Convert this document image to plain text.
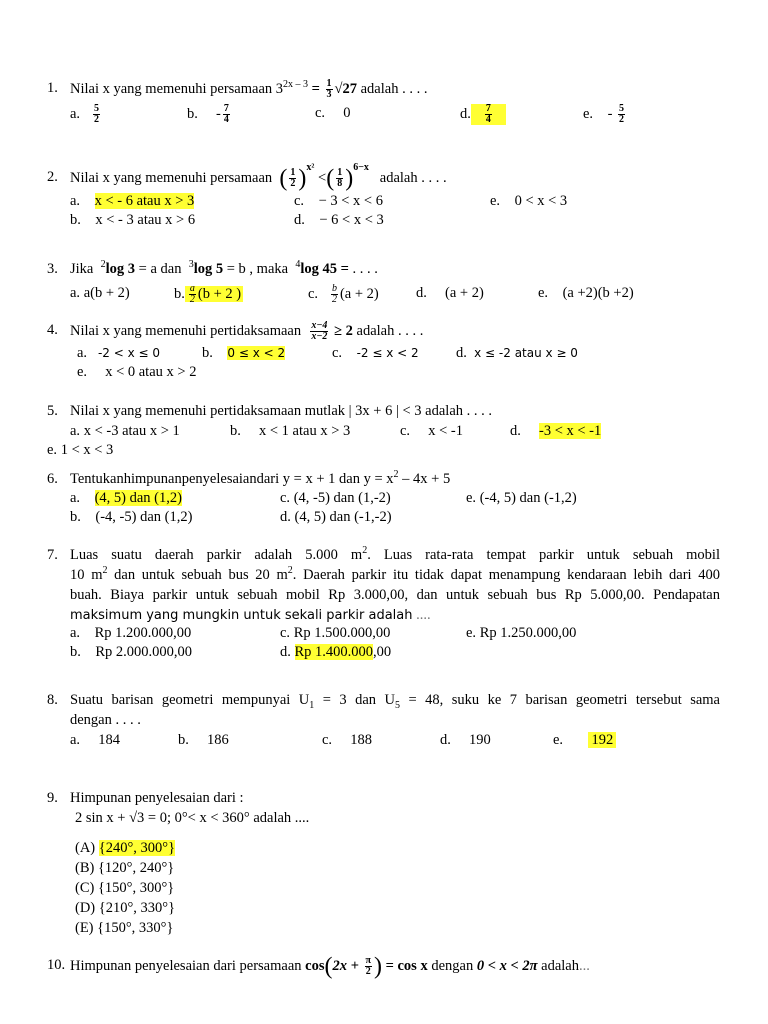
1. Nilai x yang memenuhi persamaan $3^{2x - 3} = \frac{1}{3} √27$ adalah . . . .
a. $\frac{5}{2}$	b. - $\frac{7}{4}$	c. 0	d. $\frac{7}{4}$	e. - $\frac{5}{2}$
2. Nilai x yang memenuhi persamaan ( $\frac{1}{2} )^{x^2}$ <( $\frac{1}{8} )^{6-x}$   adalah . . . .
a. x < - 6 atau x > 3	c. − 3 < x < 6	e. 0 < x < 3
b. x < - 3 atau x > 6	d. − 6 < x < 3
3. Jika $^2$log 3 = a dan $^3$log 5 = b , maka $^4$log 45 = . . . .
a. a(b + 2)	b. $\frac{a}{2} (b + 2$ )	c. $\frac{b}{2} (a + 2)$	d. (a + 2)	e. (a +2)(b +2)
4. Nilai x yang memenuhi pertidaksamaan $\frac{x-4}{x-2} \ge 2$ adalah . . . .
a. -2 < x ≤ 0	b. 0 ≤ x < 2	c. -2 ≤ x < 2	d. x ≤ -2 atau x ≥ 0
e. x < 0 atau x > 2
5. Nilai x yang memenuhi pertidaksamaan mutlak | 3x + 6 | < 3 adalah . . . .
a. x < -3 atau x > 1	b. x < 1 atau x > 3	c. x < -1	d. -3 < x < -1
e. 1 < x < 3
6. Tentukanhimpunanpenyelesaiandari y = x + 1 dan $y = x^2 - 4x + 5$
a. (4, 5) dan (1,2)	c. (4, -5) dan (1,-2)	e. (-4, 5) dan (-1,2)
b. (-4, -5) dan (1,2)	d. (4, 5) dan (-1,-2)
7. Luas suatu daerah parkir adalah 5.000 $m^2$. Luas rata-rata tempat parkir untuk sebuah mobil
10 $m^2$ dan untuk sebuah bus 20 $m^2$. Daerah parkir itu tidak dapat menampung kendaraan lebih dari 400
buah. Biaya parkir untuk sebuah mobil Rp 3.000,00, dan untuk sebuah bus Rp 5.000,00. Pendapatan
maksimum yang mungkin untuk sekali parkir adalah ....
a. Rp 1.200.000,00	c. Rp 1.500.000,00	e. Rp 1.250.000,00
b. Rp 2.000.000,00	d. Rp 1.400.000,00
8. Suatu barisan geometri mempunyai $U_1 = 3$ dan $U_5 = 48$, suku ke 7 barisan geometri tersebut sama
dengan . . . .
a. 184	b. 186	c. 188	d. 190	e. 192
9. Himpunan penyelesaian dari :
2 sin x + √3 = 0; 0°< x < 360° adalah ....
(A) {240°, 300°}
(B) {120°, 240°}
(C) {150°, 300°}
(D) {210°, 330°}
(E) {150°, 330°}
10. Himpunan penyelesaian dari persamaan $\cos(2x + \frac{\pi}{2}$ ) = cos x dengan 0 < x < 2π adalah...
